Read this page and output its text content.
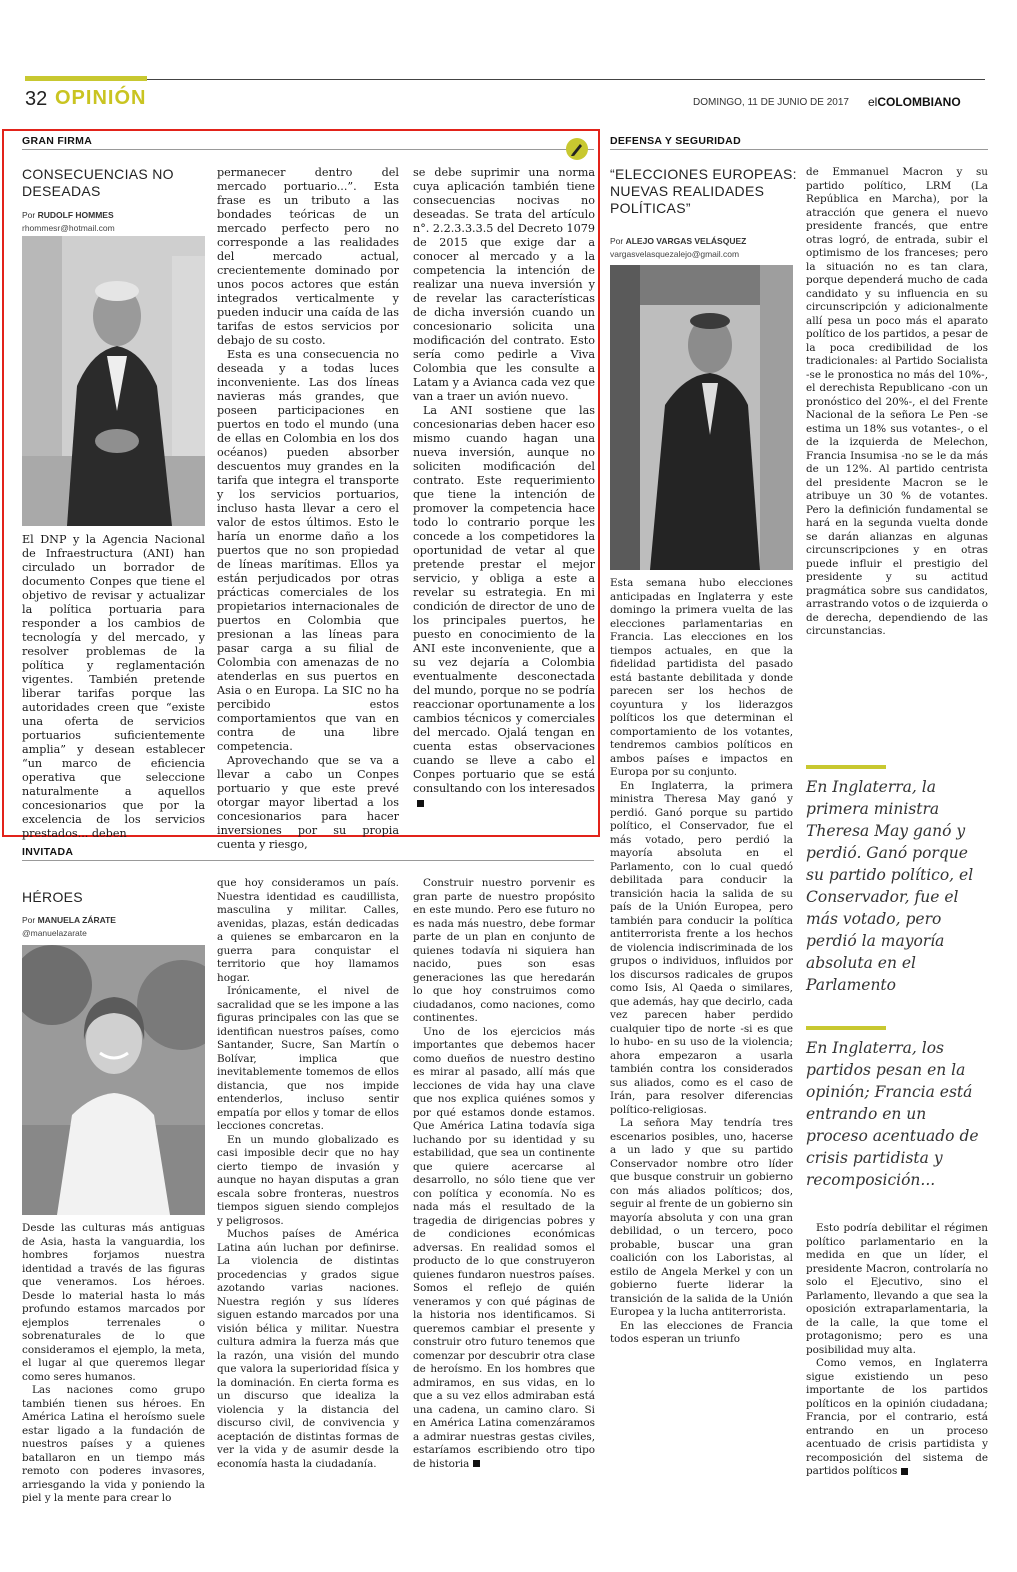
32 OPINIÓN	DOMINGO, 11 DE JUNIO DE 2017 elCOLOMBIANO
GRAN FIRMA
CONSECUENCIAS NO DESEADAS
Por RUDOLF HOMMES
rhommesr@hotmail.com

El DNP y la Agencia Nacional de Infraestructura (ANI) han circulado un borrador de documento Conpes que tiene el objetivo de revisar y actualizar la política portuaria para responder a los cambios de tecnología y del mercado, y resolver problemas de la política y reglamentación vigentes. También pretende liberar tarifas porque las autoridades creen que “existe una oferta de servicios portuarios suficientemente amplia” y desean establecer “un marco de eficiencia operativa que seleccione naturalmente a aquellos concesionarios que por la excelencia de los servicios prestados... deben

permanecer dentro del mercado portuario...”. Esta frase es un tributo a las bondades teóricas de un mercado perfecto pero no corresponde a las realidades del mercado actual, crecientemente dominado por unos pocos actores que están integrados verticalmente y pueden inducir una caída de las tarifas de estos servicios por debajo de su costo.

Esta es una consecuencia no deseada y a todas luces inconveniente. Las dos líneas navieras más grandes, que poseen participaciones en puertos en todo el mundo (una de ellas en Colombia en los dos océanos) pueden absorber descuentos muy grandes en la tarifa que integra el transporte y los servicios portuarios, incluso hasta llevar a cero el valor de estos últimos. Esto le haría un enorme daño a los puertos que no son propiedad de líneas marítimas. Ellos ya están perjudicados por otras prácticas comerciales de los propietarios internacionales de puertos en Colombia que presionan a las líneas para pasar carga a su filial de Colombia con amenazas de no atenderlas en sus puertos en Asia o en Europa. La SIC no ha percibido estos comportamientos que van en contra de una libre competencia.

Aprovechando que se va a llevar a cabo un Conpes portuario y que este prevé otorgar mayor libertad a los concesionarios para hacer inversiones por su propia cuenta y riesgo,

se debe suprimir una norma cuya aplicación también tiene consecuencias nocivas no deseadas. Se trata del artículo n°. 2.2.3.3.3.5 del Decreto 1079 de 2015 que exige dar a conocer al mercado y a la competencia la intención de realizar una nueva inversión y de revelar las características de dicha inversión cuando un concesionario solicita una modificación del contrato. Esto sería como pedirle a Viva Colombia que les consulte a Latam y a Avianca cada vez que van a traer un avión nuevo.

La ANI sostiene que las concesionarias deben hacer eso mismo cuando hagan una nueva inversión, aunque no soliciten modificación del contrato. Este requerimiento que tiene la intención de promover la competencia hace todo lo contrario porque les concede a los competidores la oportunidad de vetar al que pretende prestar el mejor servicio, y obliga a este a revelar su estrategia. En mi condición de director de uno de los principales puertos, he puesto en conocimiento de la ANI este inconveniente, que a su vez dejaría a Colombia eventualmente desconectada del mundo, porque no se podría reaccionar oportunamente a los cambios técnicos y comerciales del mercado. Ojalá tengan en cuenta estas observaciones cuando se lleve a cabo el Conpes portuario que se está consultando con los interesados

DEFENSA Y SEGURIDAD
“ELECCIONES EUROPEAS: NUEVAS REALIDADES POLÍTICAS”
Por ALEJO VARGAS VELÁSQUEZ
vargasvelasquezalejo@gmail.com

Esta semana hubo elecciones anticipadas en Inglaterra y este domingo la primera vuelta de las elecciones parlamentarias en Francia. Las elecciones en los tiempos actuales, en que la fidelidad partidista del pasado está bastante debilitada y donde parecen ser los hechos de coyuntura y los liderazgos políticos los que determinan el comportamiento de los votantes, tendremos cambios políticos en ambos países e impactos en Europa por su conjunto.

En Inglaterra, la primera ministra Theresa May ganó y perdió. Ganó porque su partido político, el Conservador, fue el más votado, pero perdió la mayoría absoluta en el Parlamento, con lo cual quedó debilitada para conducir la transición hacia la salida de su país de la Unión Europea, pero también para conducir la política antiterrorista frente a los hechos de violencia indiscriminada de los grupos o individuos, influidos por los discursos radicales de grupos como Isis, Al Qaeda o similares, que además, hay que decirlo, cada vez parecen haber perdido cualquier tipo de norte -si es que lo hubo- en su uso de la violencia; ahora empezaron a usarla también contra los considerados sus aliados, como es el caso de Irán, para resolver diferencias político-religiosas.

La señora May tendría tres escenarios posibles, uno, hacerse a un lado y que su partido Conservador nombre otro líder que busque construir un gobierno con más aliados políticos; dos, seguir al frente de un gobierno sin mayoría absoluta y con una gran debilidad, o un tercero, poco probable, buscar una gran coalición con los Laboristas, al estilo de Angela Merkel y con un gobierno fuerte liderar la transición de la salida de la Unión Europea y la lucha antiterrorista.

En las elecciones de Francia todos esperan un triunfo

de Emmanuel Macron y su partido político, LRM (La República en Marcha), por la atracción que genera el nuevo presidente francés, que entre otras logró, de entrada, subir el optimismo de los franceses; pero la situación no es tan clara, porque dependerá mucho de cada candidato y su influencia en su circunscripción y adicionalmente allí pesa un poco más el aparato político de los partidos, a pesar de la poca credibilidad de los tradicionales: al Partido Socialista -se le pronostica no más del 10%-, el derechista Republicano -con un pronóstico del 20%-, el del Frente Nacional de la señora Le Pen -se estima un 18% sus votantes-, o el de la izquierda de Melechon, Francia Insumisa -no se le da más de un 12%. Al partido centrista del presidente Macron se le atribuye un 30 % de votantes. Pero la definición fundamental se hará en la segunda vuelta donde se darán alianzas en algunas circunscripciones y en otras puede influir el prestigio del presidente y su actitud pragmática sobre sus candidatos, arrastrando votos o de izquierda o de derecha, dependiendo de las circunstancias.

En Inglaterra, la primera ministra Theresa May ganó y perdió. Ganó porque su partido político, el Conservador, fue el más votado, pero perdió la mayoría absoluta en el Parlamento
En Inglaterra, los partidos pesan en la opinión; Francia está entrando en un proceso acentuado de crisis partidista y recomposición...

Esto podría debilitar el régimen político parlamentario en la medida en que un líder, el presidente Macron, controlaría no solo el Ejecutivo, sino el Parlamento, llevando a que sea la oposición extraparlamentaria, la de la calle, la que tome el protagonismo; pero es una posibilidad muy alta.

Como vemos, en Inglaterra sigue existiendo un peso importante de los partidos políticos en la opinión ciudadana; Francia, por el contrario, está entrando en un proceso acentuado de crisis partidista y recomposición del sistema de partidos políticos

INVITADA
HÉROES
Por MANUELA ZÁRATE
@manuelazarate

Desde las culturas más antiguas de Asia, hasta la vanguardia, los hombres forjamos nuestra identidad a través de las figuras que veneramos. Los héroes. Desde lo material hasta lo más profundo estamos marcados por ejemplos terrenales o sobrenaturales de lo que consideramos el ejemplo, la meta, el lugar al que queremos llegar como seres humanos.

Las naciones como grupo también tienen sus héroes. En América Latina el heroísmo suele estar ligado a la fundación de nuestros países y a quienes batallaron en un tiempo más remoto con poderes invasores, arriesgando la vida y poniendo la piel y la mente para crear lo

que hoy consideramos un país. Nuestra identidad es caudillista, masculina y militar. Calles, avenidas, plazas, están dedicadas a quienes se embarcaron en la guerra para conquistar el territorio que hoy llamamos hogar.

Irónicamente, el nivel de sacralidad que se les impone a las figuras principales con las que se identifican nuestros países, como Santander, Sucre, San Martín o Bolívar, implica que inevitablemente tomemos de ellos distancia, que nos impide entenderlos, incluso sentir empatía por ellos y tomar de ellos lecciones concretas.

En un mundo globalizado es casi imposible decir que no hay cierto tiempo de invasión y aunque no hayan disputas a gran escala sobre fronteras, nuestros tiempos siguen siendo complejos y peligrosos.

Muchos países de América Latina aún luchan por definirse. La violencia de distintas procedencias y grados sigue azotando varias naciones. Nuestra región y sus líderes siguen estando marcados por una visión bélica y militar. Nuestra cultura admira la fuerza más que la razón, una visión del mundo que valora la superioridad física y la dominación. En cierta forma es un discurso que idealiza la violencia y la distancia del discurso civil, de convivencia y aceptación de distintas formas de ver la vida y de asumir desde la economía hasta la ciudadanía.

Construir nuestro porvenir es gran parte de nuestro propósito en este mundo. Pero ese futuro no es nada más nuestro, debe formar parte de un plan en conjunto de quienes todavía ni siquiera han nacido, pues son esas generaciones las que heredarán lo que hoy construimos como ciudadanos, como naciones, como continentes.

Uno de los ejercicios más importantes que debemos hacer como dueños de nuestro destino es mirar al pasado, allí más que lecciones de vida hay una clave que nos explica quiénes somos y por qué estamos donde estamos. Que América Latina todavía siga luchando por su identidad y su estabilidad, que sea un continente que quiere acercarse al desarrollo, no sólo tiene que ver con política y economía. No es nada más el resultado de la tragedia de dirigencias pobres y de condiciones económicas adversas. En realidad somos el producto de lo que construyeron quienes fundaron nuestros países. Somos el reflejo de quién veneramos y con qué páginas de la historia nos identificamos. Si queremos cambiar el presente y construir otro futuro tenemos que comenzar por descubrir otra clase de heroísmo. En los hombres que admiramos, en sus vidas, en lo que a su vez ellos admiraban está una cadena, un camino claro. Si en América Latina comenzáramos a admirar nuestras gestas civiles, estaríamos escribiendo otro tipo de historia
